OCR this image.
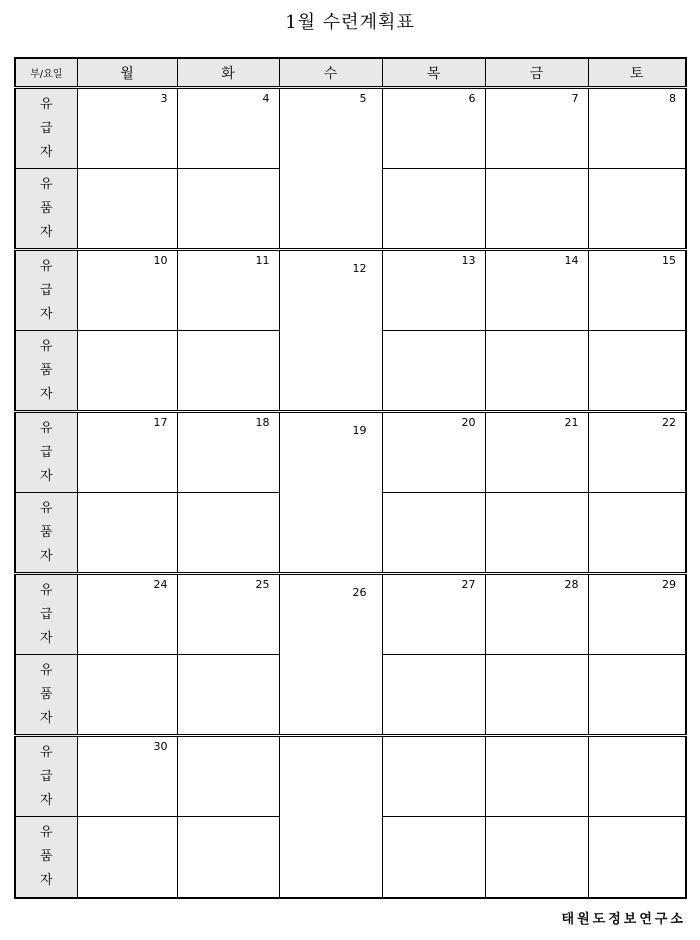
1월 수련계획표
부/요일	월	화	수	목	금	토

유
급
자	3	4	5	6	7	8

유
품
자						

유
급
자	10	11	12	13	14	15

유
품
자						

유
급
자	17	18	19	20	21	22

유
품
자						

유
급
자	24	25	26	27	28	29

유
품
자						

유
급
자	30					

유
품
자						

태원도정보연구소
